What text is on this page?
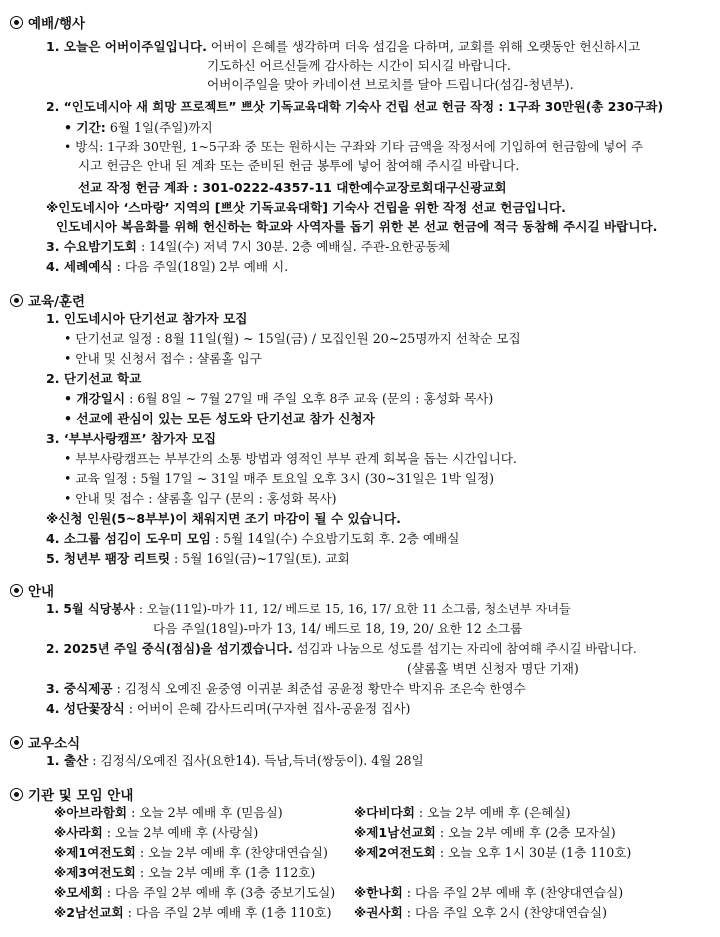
예배/행사
1. 오늘은 어버이주일입니다. 어버이 은혜를 생각하며 더욱 섬김을 다하며, 교회를 위해 오랫동안 헌신하시고
기도하신 어르신들께 감사하는 시간이 되시길 바랍니다.
어버이주일을 맞아 카네이션 브로치를 달아 드립니다(섬김-청년부).
2. “인도네시아 새 희망 프로젝트” 쁘삿 기독교육대학 기숙사 건립 선교 헌금 작정 : 1구좌 30만원(총 230구좌)
• 기간: 6월 1일(주일)까지
• 방식: 1구좌 30만원, 1~5구좌 중 또는 원하시는 구좌와 기타 금액을 작정서에 기입하여 헌금함에 넣어 주
시고 헌금은 안내 된 계좌 또는 준비된 헌금 봉투에 넣어 참여해 주시길 바랍니다.
선교 작정 헌금 계좌 : 301-0222-4357-11 대한예수교장로회대구신광교회
※인도네시아 ‘스마랑’ 지역의 [쁘삿 기독교육대학] 기숙사 건립을 위한 작정 선교 헌금입니다.
인도네시아 복음화를 위해 헌신하는 학교와 사역자를 돕기 위한 본 선교 헌금에 적극 동참해 주시길 바랍니다.
3. 수요밤기도회 : 14일(수) 저녁 7시 30분. 2층 예배실. 주관-요한공동체
4. 세례예식 : 다음 주일(18일) 2부 예배 시.
교육/훈련
1. 인도네시아 단기선교 참가자 모집
• 단기선교 일정 : 8월 11일(월) ~ 15일(금) / 모집인원 20~25명까지 선착순 모집
• 안내 및 신청서 접수 : 샬롬홀 입구
2. 단기선교 학교
• 개강일시 : 6월 8일 ~ 7월 27일 매 주일 오후 8주 교육 (문의 : 홍성화 목사)
• 선교에 관심이 있는 모든 성도와 단기선교 참가 신청자
3. ‘부부사랑캠프’ 참가자 모집
• 부부사랑캠프는 부부간의 소통 방법과 영적인 부부 관계 회복을 돕는 시간입니다.
• 교육 일정 : 5월 17일 ~ 31일 매주 토요일 오후 3시 (30~31일은 1박 일정)
• 안내 및 접수 : 샬롬홀 입구 (문의 : 홍성화 목사)
※신청 인원(5~8부부)이 채워지면 조기 마감이 될 수 있습니다.
4. 소그룹 섬김이 도우미 모임 : 5월 14일(수) 수요밤기도회 후. 2층 예배실
5. 청년부 팸장 리트릿 : 5월 16일(금)~17일(토). 교회
안내
1. 5월 식당봉사 : 오늘(11일)-마가 11, 12/ 베드로 15, 16, 17/ 요한 11 소그룹, 청소년부 자녀들
다음 주일(18일)-마가 13, 14/ 베드로 18, 19, 20/ 요한 12 소그룹
2. 2025년 주일 중식(점심)을 섬기겠습니다. 섬김과 나눔으로 성도를 섬기는 자리에 참여해 주시길 바랍니다.
(샬롬홀 벽면 신청자 명단 기재)
3. 중식제공 : 김정식 오예진 윤중영 이귀분 최준섭 공윤정 황만수 박지유 조은숙 한영수
4. 성단꽃장식 : 어버이 은혜 감사드리며(구자현 집사-공윤정 집사)
교우소식
1. 출산 : 김정식/오예진 집사(요한14). 득남,득녀(쌍둥이). 4월 28일
기관 및 모임 안내
※아브라함회 : 오늘 2부 예배 후 (믿음실)	※다비다회 : 오늘 2부 예배 후 (은혜실)
※사라회 : 오늘 2부 예배 후 (사랑실)	※제1남선교회 : 오늘 2부 예배 후 (2층 모자실)
※제1여전도회 : 오늘 2부 예배 후 (찬양대연습실) ※제2여전도회 : 오늘 오후 1시 30분 (1층 110호)
※제3여전도회 : 오늘 2부 예배 후 (1층 112호)
※모세회 : 다음 주일 2부 예배 후 (3층 중보기도실) ※한나회 : 다음 주일 2부 예배 후 (찬양대연습실)
※2남선교회 : 다음 주일 2부 예배 후 (1층 110호) ※권사회 : 다음 주일 오후 2시 (찬양대연습실)
